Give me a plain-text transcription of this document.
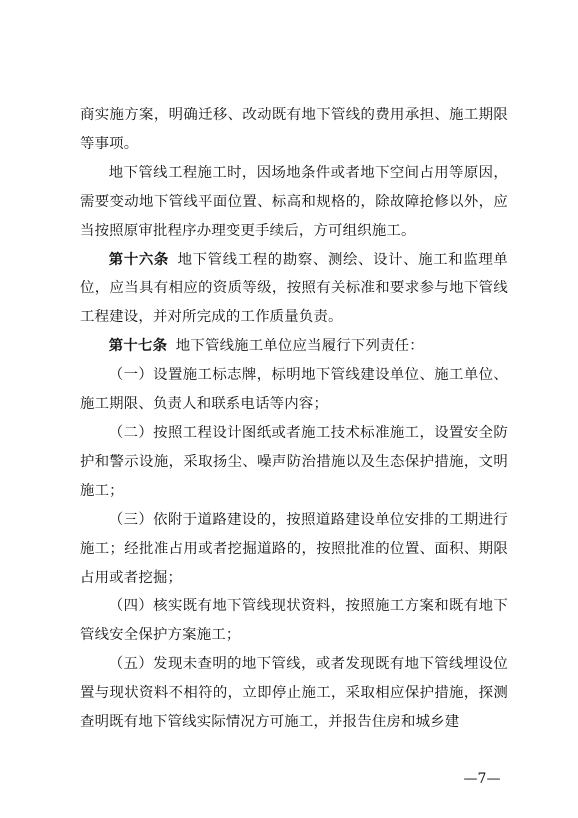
商实施方案，明确迁移、改动既有地下管线的费用承担、施工期限等事项。

地下管线工程施工时，因场地条件或者地下空间占用等原因，需要变动地下管线平面位置、标高和规格的，除故障抢修以外，应当按照原审批程序办理变更手续后，方可组织施工。

第十六条 地下管线工程的勘察、测绘、设计、施工和监理单位，应当具有相应的资质等级，按照有关标准和要求参与地下管线工程建设，并对所完成的工作质量负责。

第十七条 地下管线施工单位应当履行下列责任：

（一）设置施工标志牌，标明地下管线建设单位、施工单位、施工期限、负责人和联系电话等内容；

（二）按照工程设计图纸或者施工技术标准施工，设置安全防护和警示设施，采取扬尘、噪声防治措施以及生态保护措施，文明施工；

（三）依附于道路建设的，按照道路建设单位安排的工期进行施工；经批准占用或者挖掘道路的，按照批准的位置、面积、期限占用或者挖掘；

（四）核实既有地下管线现状资料，按照施工方案和既有地下管线安全保护方案施工；

（五）发现未查明的地下管线，或者发现既有地下管线埋设位置与现状资料不相符的，立即停止施工，采取相应保护措施，探测查明既有地下管线实际情况方可施工，并报告住房和城乡建

—7—
